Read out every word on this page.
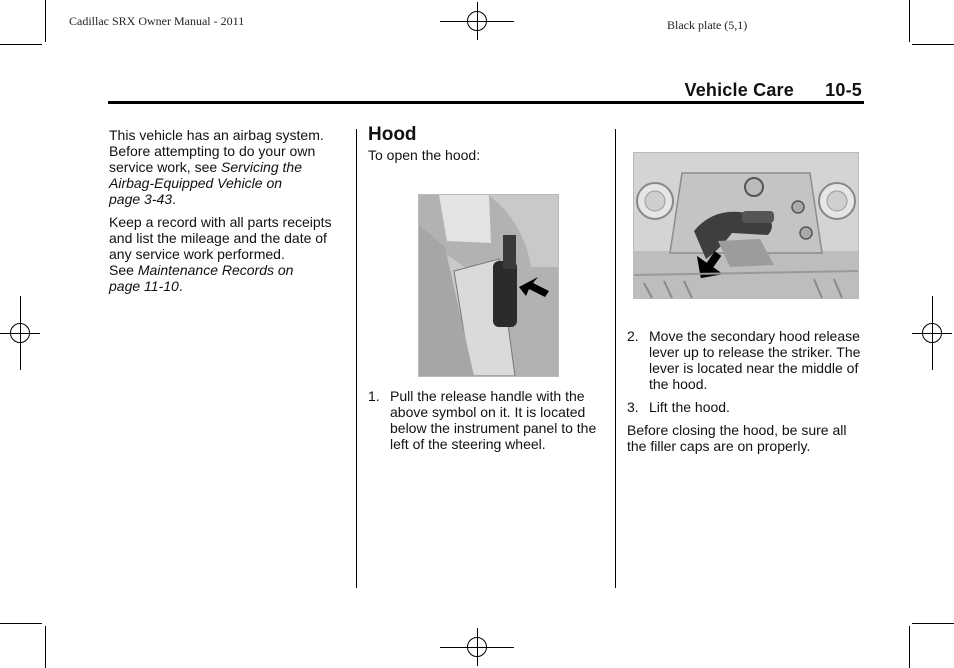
Cadillac SRX Owner Manual - 2011	Black plate (5,1)
Vehicle Care 10-5

This vehicle has an airbag system. Before attempting to do your own service work, see Servicing the Airbag-Equipped Vehicle on
page 3-43.

Keep a record with all parts receipts and list the mileage and the date of any service work performed.
See Maintenance Records on
page 11-10.

Hood

To open the hood:

1. Pull the release handle with the above symbol on it. It is located below the instrument panel to the left of the steering wheel.
2. Move the secondary hood release lever up to release the striker. The lever is located near the middle of the hood.
3. Lift the hood.

Before closing the hood, be sure all the filler caps are on properly.
